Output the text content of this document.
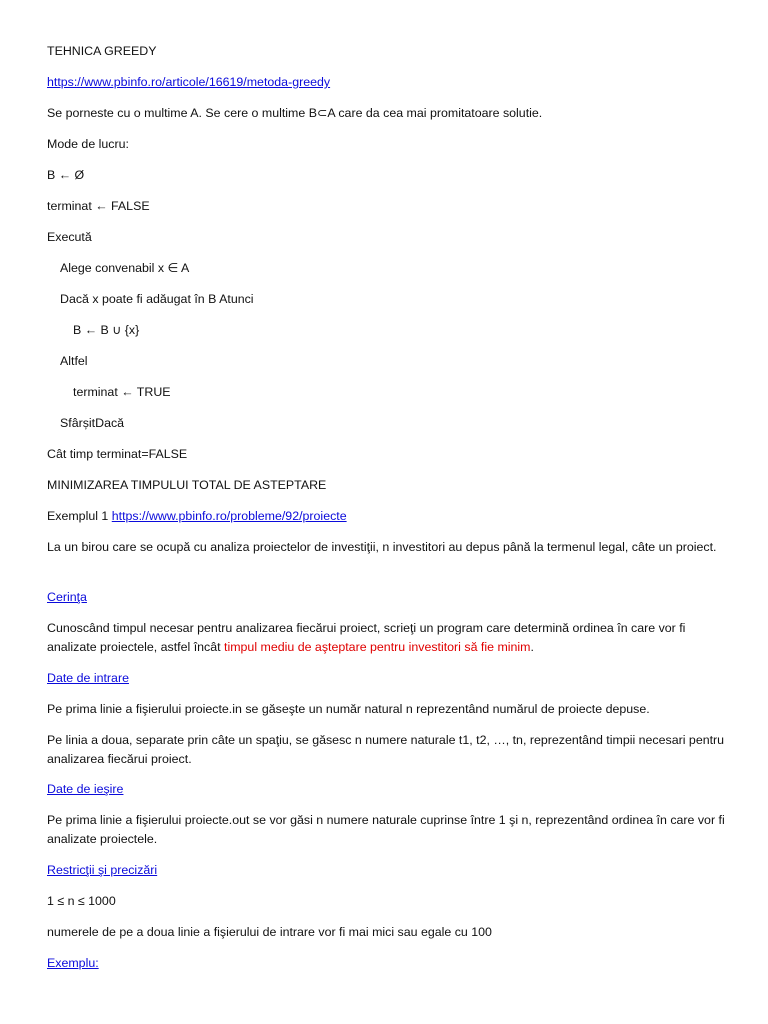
TEHNICA GREEDY
https://www.pbinfo.ro/articole/16619/metoda-greedy
Se porneste cu o multime A. Se cere o multime B⊂A care da cea mai promitatoare solutie.
Mode de lucru:
B ← Ø
terminat ← FALSE
Execută
Alege convenabil x ∈ A
Dacă x poate fi adăugat în B Atunci
B ← B ∪ {x}
Altfel
terminat ← TRUE
SfârșitDacă
Cât timp terminat=FALSE
MINIMIZAREA TIMPULUI TOTAL DE ASTEPTARE
Exemplul 1 https://www.pbinfo.ro/probleme/92/proiecte
La un birou care se ocupă cu analiza proiectelor de investiţii, n investitori au depus până la termenul legal, câte un proiect.
Cerinţa
Cunoscând timpul necesar pentru analizarea fiecărui proiect, scrieţi un program care determină ordinea în care vor fi analizate proiectele, astfel încât timpul mediu de aşteptare pentru investitori să fie minim.
Date de intrare
Pe prima linie a fişierului proiecte.in se găseşte un număr natural n reprezentând numărul de proiecte depuse.
Pe linia a doua, separate prin câte un spaţiu, se găsesc n numere naturale t1, t2, …, tn, reprezentând timpii necesari pentru analizarea fiecărui proiect.
Date de ieşire
Pe prima linie a fişierului proiecte.out se vor găsi n numere naturale cuprinse între 1 şi n, reprezentând ordinea în care vor fi analizate proiectele.
Restricţii şi precizări
1 ≤ n ≤ 1000
numerele de pe a doua linie a fişierului de intrare vor fi mai mici sau egale cu 100
Exemplu:
